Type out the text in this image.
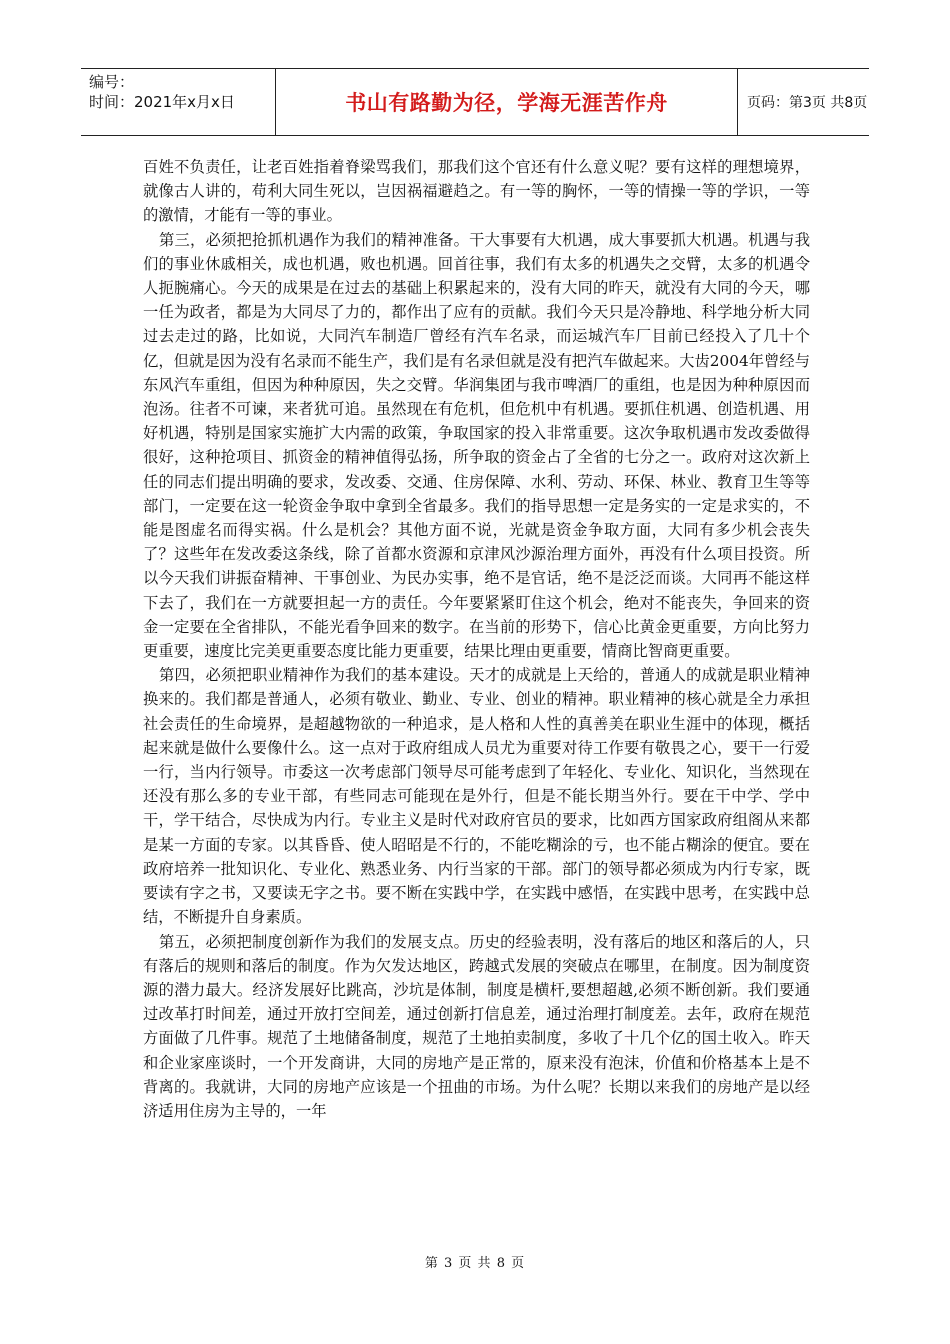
编号：
时间：2021年x月x日	书山有路勤为径，学海无涯苦作舟	页码：第3页 共8页

百姓不负责任，让老百姓指着脊梁骂我们，那我们这个官还有什么意义呢？要有这样的理想境界，就像古人讲的，苟利大同生死以，岂因祸福避趋之。有一等的胸怀，一等的情操一等的学识，一等的激情，才能有一等的事业。

第三，必须把抢抓机遇作为我们的精神准备。干大事要有大机遇，成大事要抓大机遇。机遇与我们的事业休戚相关，成也机遇，败也机遇。回首往事，我们有太多的机遇失之交臂，太多的机遇令人扼腕痛心。今天的成果是在过去的基础上积累起来的，没有大同的昨天，就没有大同的今天，哪一任为政者，都是为大同尽了力的，都作出了应有的贡献。我们今天只是冷静地、科学地分析大同过去走过的路，比如说，大同汽车制造厂曾经有汽车名录，而运城汽车厂目前已经投入了几十个亿，但就是因为没有名录而不能生产，我们是有名录但就是没有把汽车做起来。大齿2004年曾经与东风汽车重组，但因为种种原因，失之交臂。华润集团与我市啤酒厂的重组，也是因为种种原因而泡汤。往者不可谏，来者犹可追。虽然现在有危机，但危机中有机遇。要抓住机遇、创造机遇、用好机遇，特别是国家实施扩大内需的政策，争取国家的投入非常重要。这次争取机遇市发改委做得很好，这种抢项目、抓资金的精神值得弘扬，所争取的资金占了全省的七分之一。政府对这次新上任的同志们提出明确的要求，发改委、交通、住房保障、水利、劳动、环保、林业、教育卫生等等部门，一定要在这一轮资金争取中拿到全省最多。我们的指导思想一定是务实的一定是求实的，不能是图虚名而得实祸。什么是机会？其他方面不说，光就是资金争取方面，大同有多少机会丧失了？这些年在发改委这条线，除了首都水资源和京津风沙源治理方面外，再没有什么项目投资。所以今天我们讲振奋精神、干事创业、为民办实事，绝不是官话，绝不是泛泛而谈。大同再不能这样下去了，我们在一方就要担起一方的责任。今年要紧紧盯住这个机会，绝对不能丧失，争回来的资金一定要在全省排队，不能光看争回来的数字。在当前的形势下，信心比黄金更重要，方向比努力更重要，速度比完美更重要态度比能力更重要，结果比理由更重要，情商比智商更重要。

第四，必须把职业精神作为我们的基本建设。天才的成就是上天给的，普通人的成就是职业精神换来的。我们都是普通人，必须有敬业、勤业、专业、创业的精神。职业精神的核心就是全力承担社会责任的生命境界，是超越物欲的一种追求，是人格和人性的真善美在职业生涯中的体现，概括起来就是做什么要像什么。这一点对于政府组成人员尤为重要对待工作要有敬畏之心，要干一行爱一行，当内行领导。市委这一次考虑部门领导尽可能考虑到了年轻化、专业化、知识化，当然现在还没有那么多的专业干部，有些同志可能现在是外行，但是不能长期当外行。要在干中学、学中干，学干结合，尽快成为内行。专业主义是时代对政府官员的要求，比如西方国家政府组阁从来都是某一方面的专家。以其昏昏、使人昭昭是不行的，不能吃糊涂的亏，也不能占糊涂的便宜。要在政府培养一批知识化、专业化、熟悉业务、内行当家的干部。部门的领导都必须成为内行专家，既要读有字之书，又要读无字之书。要不断在实践中学，在实践中感悟，在实践中思考，在实践中总结，不断提升自身素质。

第五，必须把制度创新作为我们的发展支点。历史的经验表明，没有落后的地区和落后的人，只有落后的规则和落后的制度。作为欠发达地区，跨越式发展的突破点在哪里，在制度。因为制度资源的潜力最大。经济发展好比跳高，沙坑是体制，制度是横杆,要想超越,必须不断创新。我们要通过改革打时间差，通过开放打空间差，通过创新打信息差，通过治理打制度差。去年，政府在规范方面做了几件事。规范了土地储备制度，规范了土地拍卖制度，多收了十几个亿的国土收入。昨天和企业家座谈时，一个开发商讲，大同的房地产是正常的，原来没有泡沫，价值和价格基本上是不背离的。我就讲，大同的房地产应该是一个扭曲的市场。为什么呢？长期以来我们的房地产是以经济适用住房为主导的，一年

第 3 页 共 8 页
